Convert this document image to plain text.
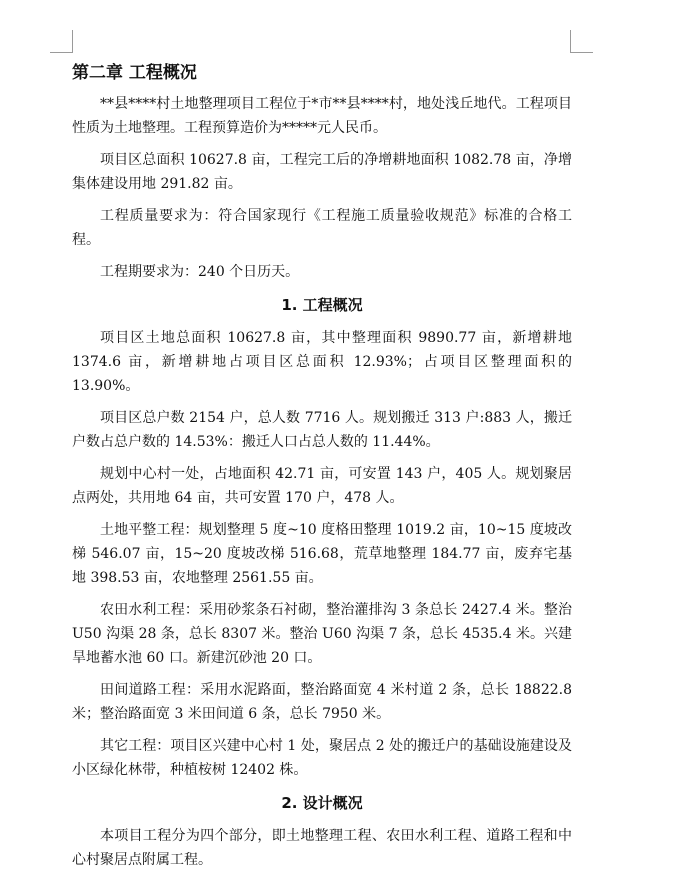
第二章 工程概况

**县****村土地整理项目工程位于*市**县****村，地处浅丘地代。工程项目性质为土地整理。工程预算造价为*****元人民币。

项目区总面积 10627.8 亩，工程完工后的净增耕地面积 1082.78 亩，净增集体建设用地 291.82 亩。

工程质量要求为：符合国家现行《工程施工质量验收规范》标准的合格工程。

工程期要求为：240 个日历天。

1. 工程概况

项目区土地总面积 10627.8 亩，其中整理面积 9890.77 亩，新增耕地 1374.6 亩，新增耕地占项目区总面积 12.93%；占项目区整理面积的 13.90%。

项目区总户数 2154 户，总人数 7716 人。规划搬迁 313 户:883 人，搬迁户数占总户数的 14.53%：搬迁人口占总人数的 11.44%。

规划中心村一处，占地面积 42.71 亩，可安置 143 户，405 人。规划聚居点两处，共用地 64 亩，共可安置 170 户，478 人。

土地平整工程：规划整理 5 度~10 度格田整理 1019.2 亩，10~15 度坡改梯 546.07 亩，15~20 度坡改梯 516.68，荒草地整理 184.77 亩，废弃宅基地 398.53 亩，农地整理 2561.55 亩。

农田水利工程：采用砂浆条石衬砌，整治灌排沟 3 条总长 2427.4 米。整治 U50 沟渠 28 条，总长 8307 米。整治 U60 沟渠 7 条，总长 4535.4 米。兴建旱地蓄水池 60 口。新建沉砂池 20 口。

田间道路工程：采用水泥路面，整治路面宽 4 米村道 2 条，总长 18822.8 米；整治路面宽 3 米田间道 6 条，总长 7950 米。

其它工程：项目区兴建中心村 1 处，聚居点 2 处的搬迁户的基础设施建设及小区绿化林带，种植桉树 12402 株。

2. 设计概况

本项目工程分为四个部分，即土地整理工程、农田水利工程、道路工程和中心村聚居点附属工程。
